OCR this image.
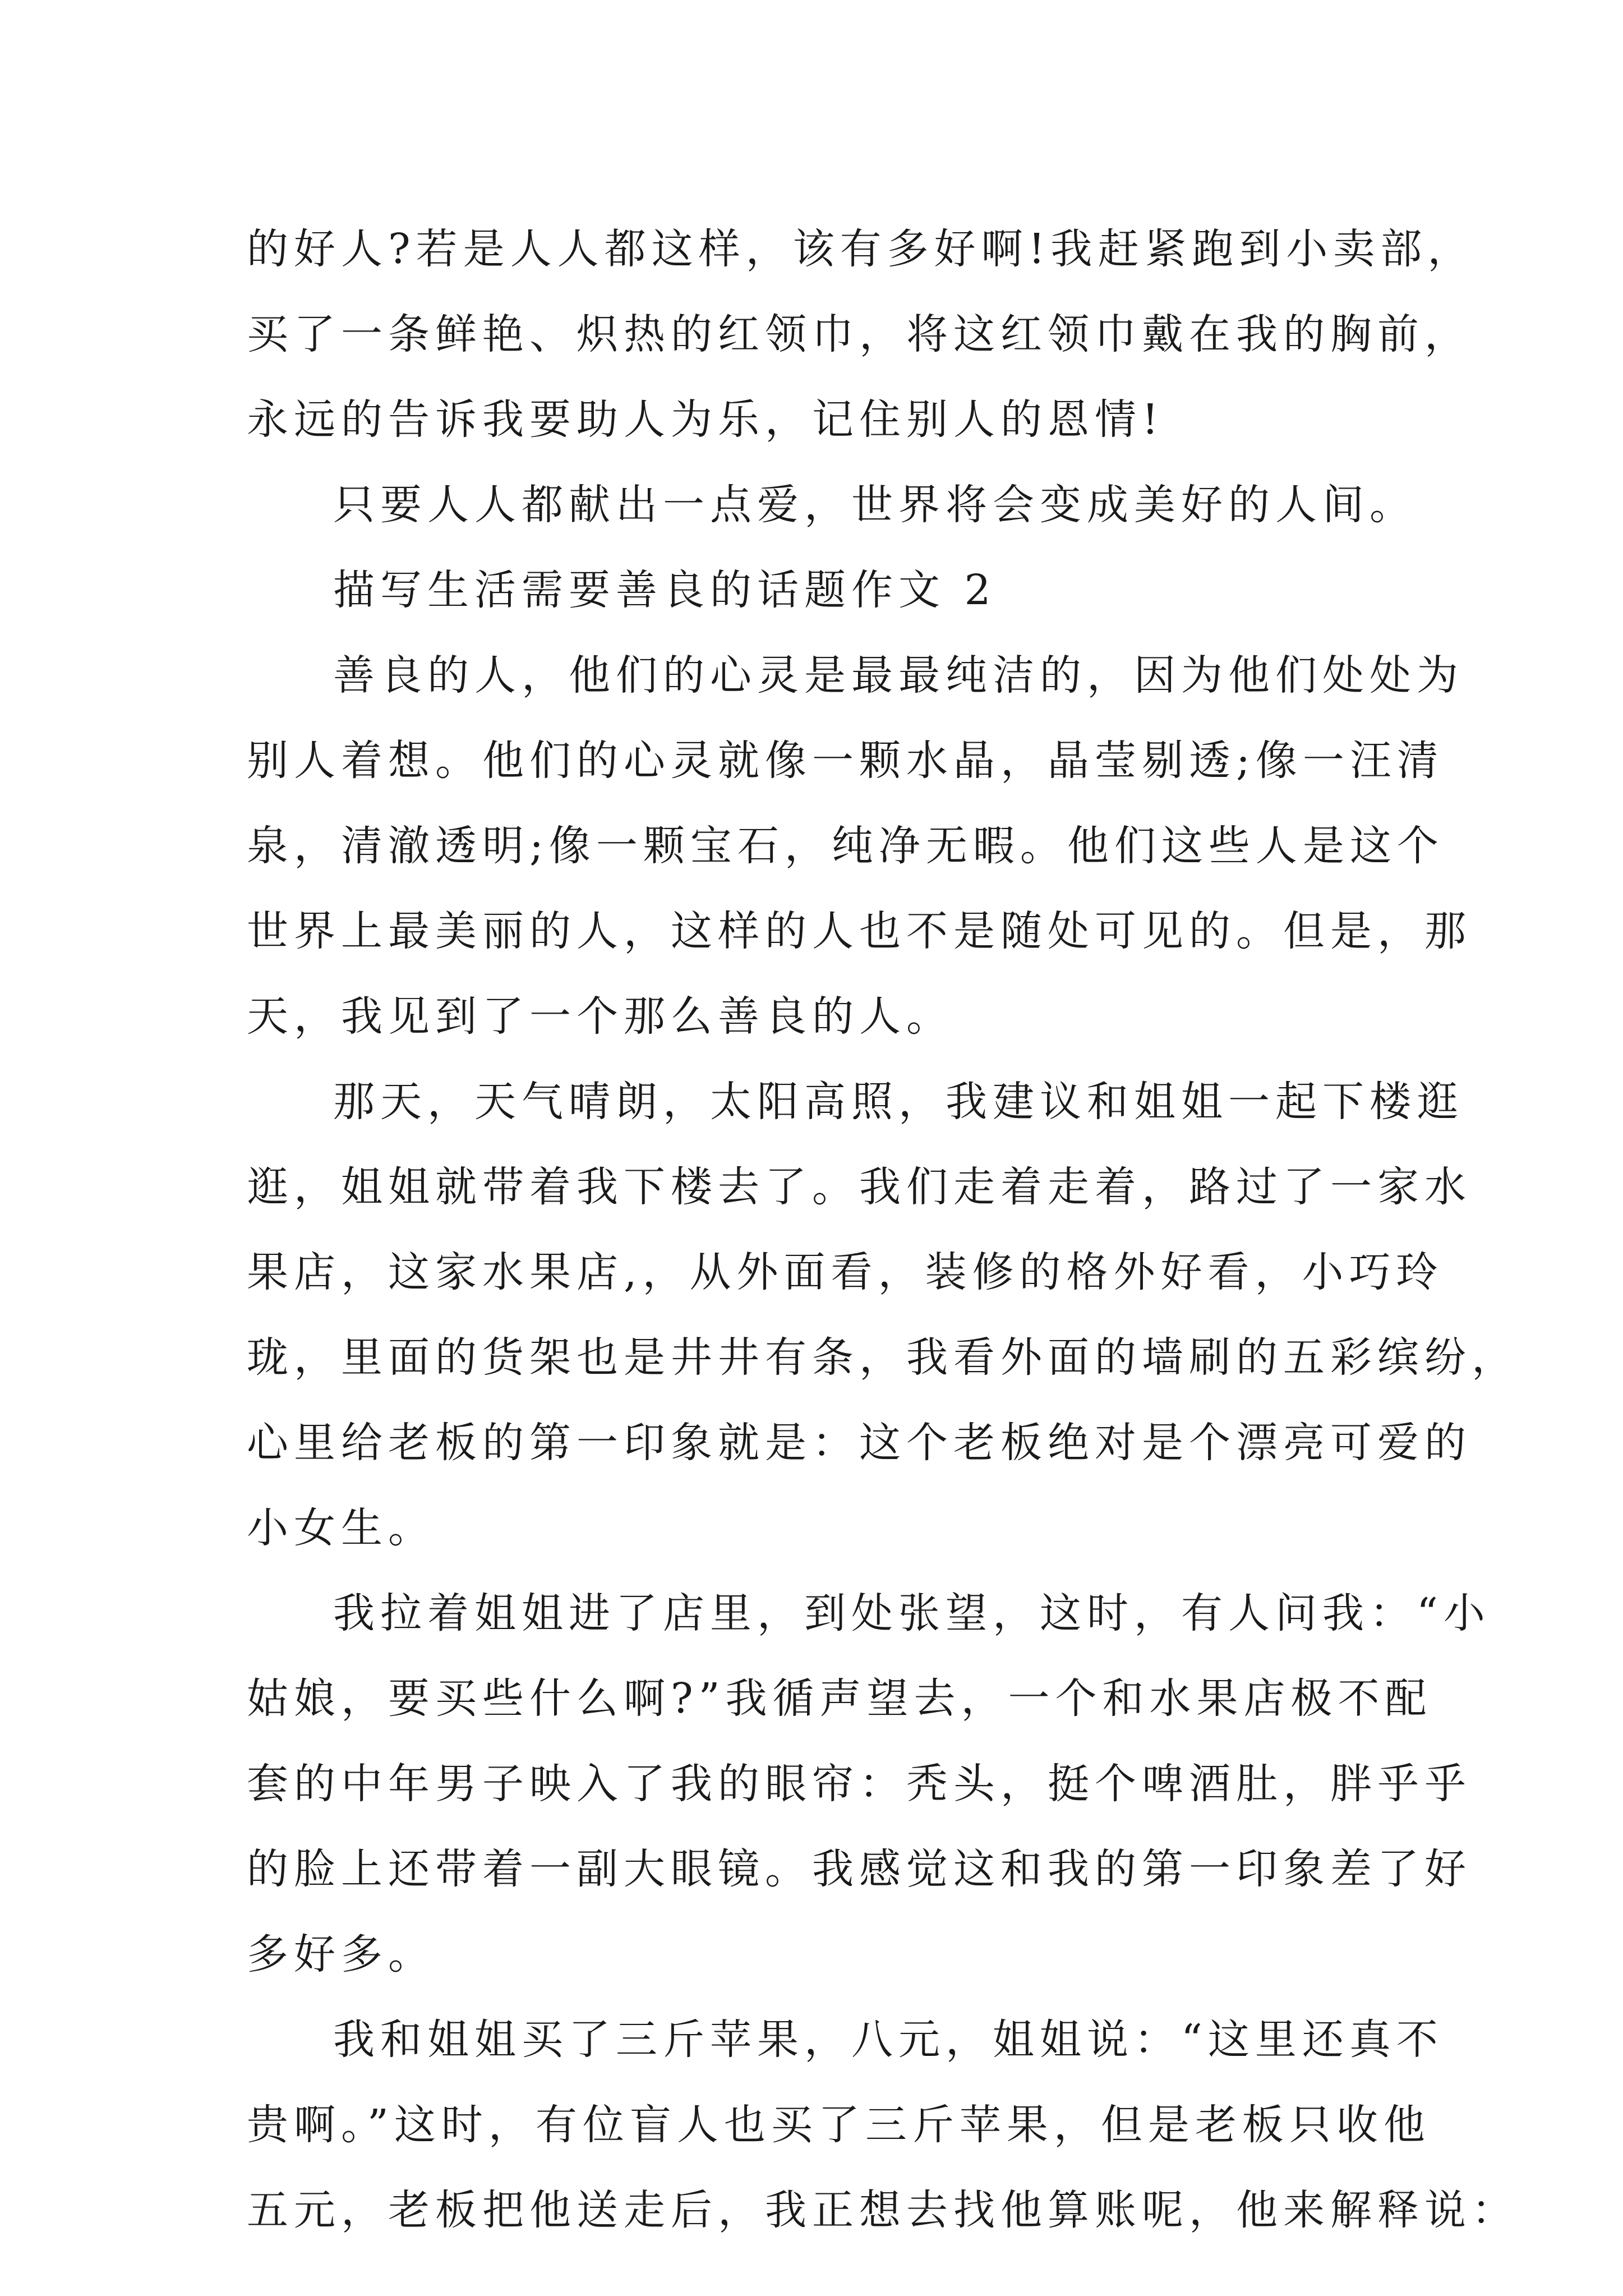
的好人?若是人人都这样，该有多好啊!我赶紧跑到小卖部，
买了一条鲜艳、炽热的红领巾，将这红领巾戴在我的胸前，
永远的告诉我要助人为乐，记住别人的恩情!
只要人人都献出一点爱，世界将会变成美好的人间。
描写生活需要善良的话题作文 2
善良的人，他们的心灵是最最纯洁的，因为他们处处为
别人着想。他们的心灵就像一颗水晶，晶莹剔透;像一汪清
泉，清澈透明;像一颗宝石，纯净无暇。他们这些人是这个
世界上最美丽的人，这样的人也不是随处可见的。但是，那
天，我见到了一个那么善良的人。
那天，天气晴朗，太阳高照，我建议和姐姐一起下楼逛
逛，姐姐就带着我下楼去了。我们走着走着，路过了一家水
果店，这家水果店,，从外面看，装修的格外好看，小巧玲
珑，里面的货架也是井井有条，我看外面的墙刷的五彩缤纷，
心里给老板的第一印象就是：这个老板绝对是个漂亮可爱的
小女生。
我拉着姐姐进了店里，到处张望，这时，有人问我：“小
姑娘，要买些什么啊?”我循声望去，一个和水果店极不配
套的中年男子映入了我的眼帘：秃头，挺个啤酒肚，胖乎乎
的脸上还带着一副大眼镜。我感觉这和我的第一印象差了好
多好多。
我和姐姐买了三斤苹果，八元，姐姐说：“这里还真不
贵啊。”这时，有位盲人也买了三斤苹果，但是老板只收他
五元，老板把他送走后，我正想去找他算账呢，他来解释说：
